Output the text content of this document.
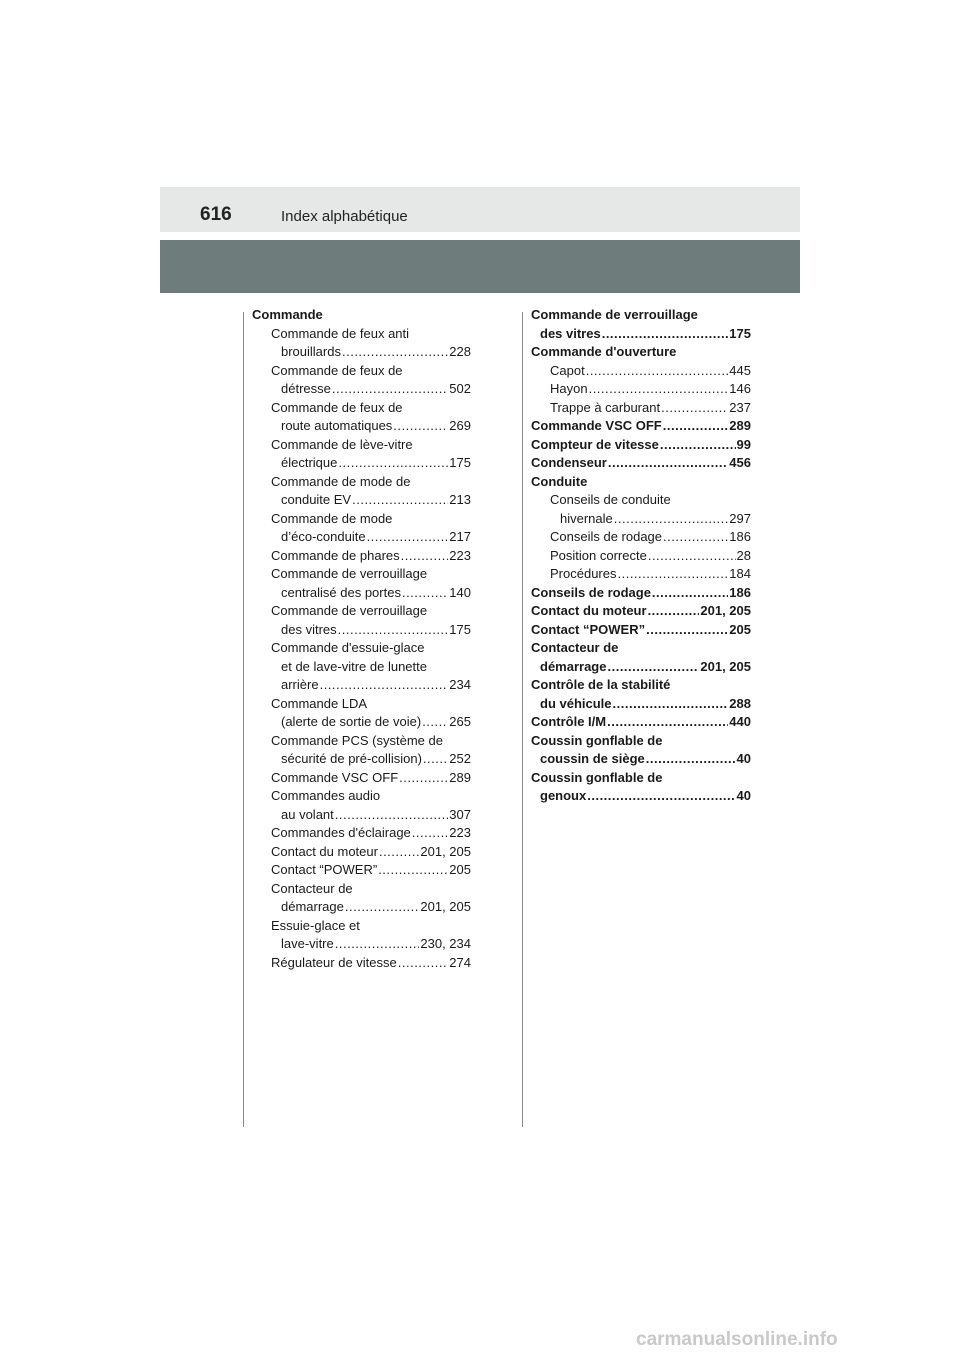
616	Index alphabétique
Commande
Commande de feux anti
brouillards .....	228
Commande de feux de
détresse .....	502
Commande de feux de
route automatiques .....	269
Commande de lève-vitre
électrique .....	175
Commande de mode de
conduite EV .....	213
Commande de mode
d’éco-conduite .....	217
Commande de phares .....	223
Commande de verrouillage
centralisé des portes .....	140
Commande de verrouillage
des vitres .....	175
Commande d'essuie-glace
et de lave-vitre de lunette
arrière .....	234
Commande LDA
(alerte de sortie de voie) ..... 265
Commande PCS (système de
sécurité de pré-collision) ..... 252
Commande VSC OFF .....	289
Commandes audio
au volant .....	307
Commandes d'éclairage .....	223
Contact du moteur .....	201, 205
Contact “POWER” .....	205
Contacteur de
démarrage .....	201, 205
Essuie-glace et
lave-vitre .....	230, 234
Régulateur de vitesse .....	274
Commande de verrouillage
des vitres .....	175
Commande d'ouverture
Capot .....	445
Hayon .....	146
Trappe à carburant .....	237
Commande VSC OFF .....	289
Compteur de vitesse .....	99
Condenseur .....	456
Conduite
Conseils de conduite
hivernale .....	297
Conseils de rodage .....	186
Position correcte .....	28
Procédures .....	184
Conseils de rodage .....	186
Contact du moteur .....	201, 205
Contact “POWER” .....	205
Contacteur de
démarrage .....	201, 205
Contrôle de la stabilité
du véhicule .....	288
Contrôle I/M .....	440
Coussin gonflable de
coussin de siège .....	40
Coussin gonflable de
genoux .....	40
carmanualsonline.info
